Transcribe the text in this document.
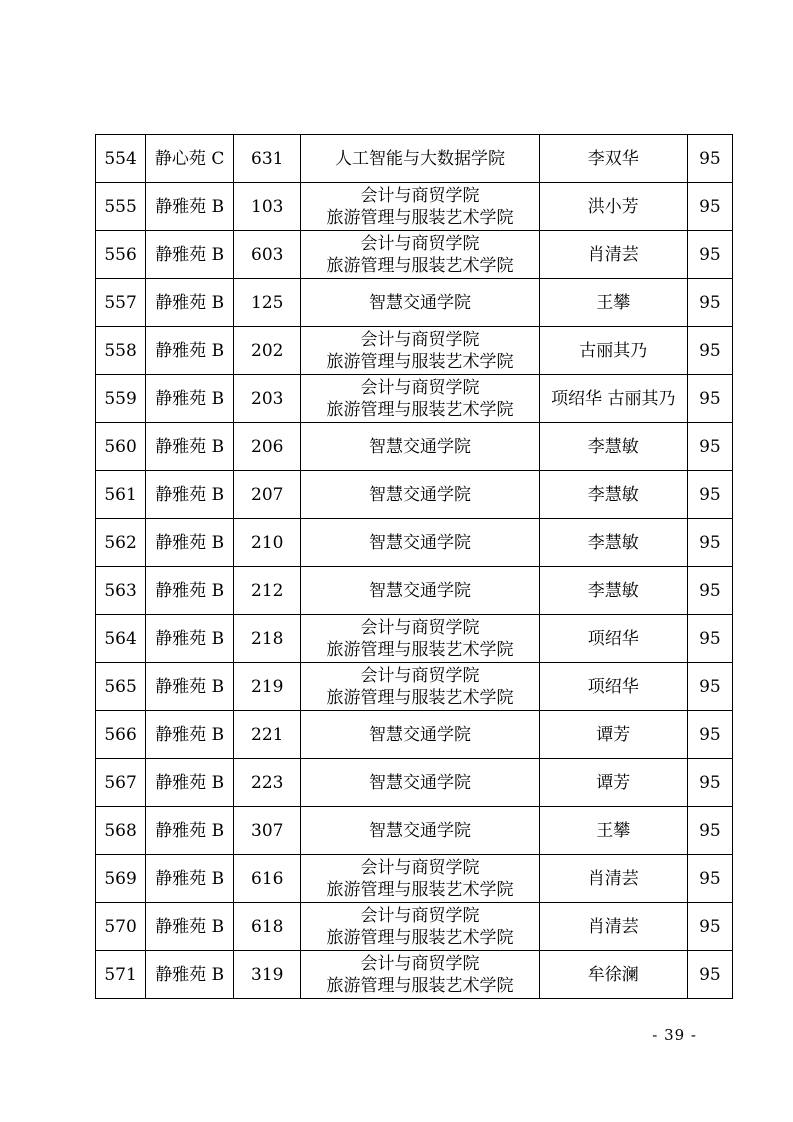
554	静心苑 C	631	人工智能与大数据学院	李双华	95
555	静雅苑 B	103	会计与商贸学院
旅游管理与服装艺术学院	洪小芳	95
556	静雅苑 B	603	会计与商贸学院
旅游管理与服装艺术学院	肖清芸	95
557	静雅苑 B	125	智慧交通学院	王攀	95
558	静雅苑 B	202	会计与商贸学院
旅游管理与服装艺术学院	古丽其乃	95
559	静雅苑 B	203	会计与商贸学院
旅游管理与服装艺术学院	项绍华 古丽其乃	95
560	静雅苑 B	206	智慧交通学院	李慧敏	95
561	静雅苑 B	207	智慧交通学院	李慧敏	95
562	静雅苑 B	210	智慧交通学院	李慧敏	95
563	静雅苑 B	212	智慧交通学院	李慧敏	95
564	静雅苑 B	218	会计与商贸学院
旅游管理与服装艺术学院	项绍华	95
565	静雅苑 B	219	会计与商贸学院
旅游管理与服装艺术学院	项绍华	95
566	静雅苑 B	221	智慧交通学院	谭芳	95
567	静雅苑 B	223	智慧交通学院	谭芳	95
568	静雅苑 B	307	智慧交通学院	王攀	95
569	静雅苑 B	616	会计与商贸学院
旅游管理与服装艺术学院	肖清芸	95
570	静雅苑 B	618	会计与商贸学院
旅游管理与服装艺术学院	肖清芸	95
571	静雅苑 B	319	会计与商贸学院
旅游管理与服装艺术学院	牟徐澜	95
- 39 -
